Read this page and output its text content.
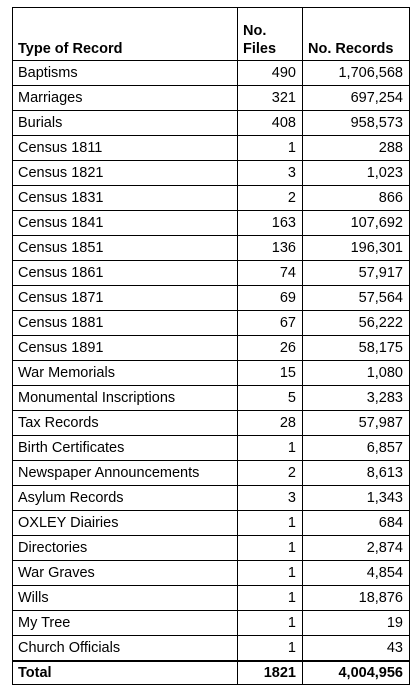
Type of Record	No. Files	No. Records
Baptisms	490	1,706,568
Marriages	321	697,254
Burials	408	958,573
Census 1811	1	288
Census 1821	3	1,023
Census 1831	2	866
Census 1841	163	107,692
Census 1851	136	196,301
Census 1861	74	57,917
Census 1871	69	57,564
Census 1881	67	56,222
Census 1891	26	58,175
War Memorials	15	1,080
Monumental Inscriptions	5	3,283
Tax Records	28	57,987
Birth Certificates	1	6,857
Newspaper Announcements	2	8,613
Asylum Records	3	1,343
OXLEY Diairies	1	684
Directories	1	2,874
War Graves	1	4,854
Wills	1	18,876
My Tree	1	19
Church Officials	1	43
Total	1821	4,004,956
